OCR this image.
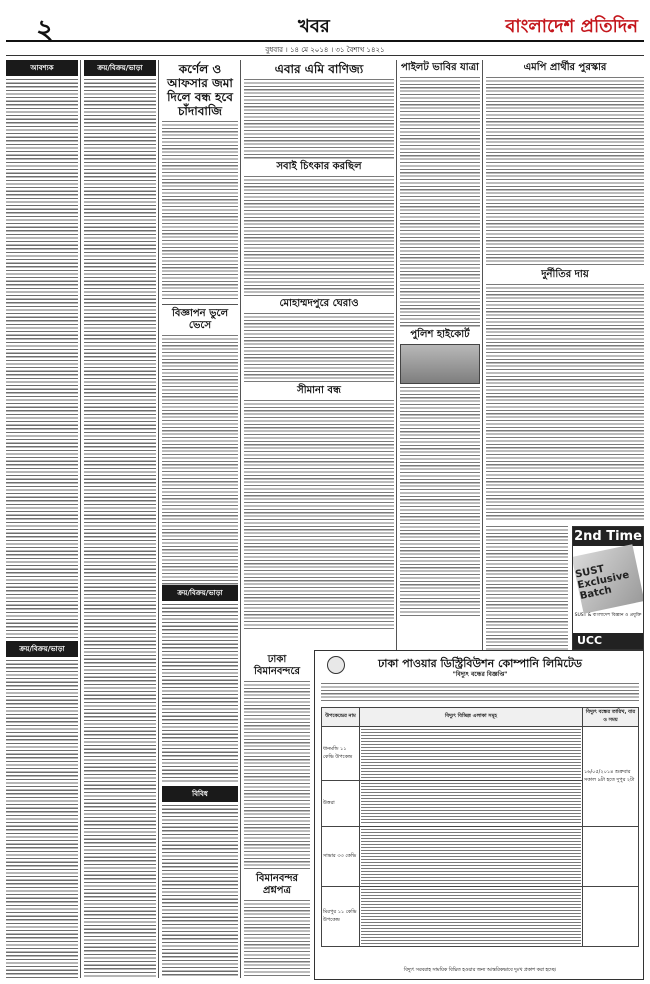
২	খবর	বাংলাদেশ প্রতিদিন
বুধবার । ১৪ মে ২০১৪ । ৩১ বৈশাখ ১৪২১
আবশ্যক
ক্রয়/বিক্রয়/ভাড়া
ক্রয়/বিক্রয়/ভাড়া	কর্ণেল ও আফসার জমা দিলে বন্ধ হবে চাঁদাবাজি
বিজ্ঞাপন ভুলে ভেসে
ক্রয়/বিক্রয়/ভাড়া
বিবিধ
এবার এমি বাণিজ্য
সবাই চিৎকার করছিল
মোহাম্মদপুরে ঘেরাও
সীমানা বন্ধ
ঢাকা বিমানবন্দরে
বিমানবন্দর প্রশ্নপত্র
পাইলট ভাবির যাত্রা
পুলিশ হাইকোর্ট
এমপি প্রার্থীর পুরস্কার
দুর্নীতির দায়
2nd Time
SUST Exclusive Batch
SUST & বাংলাদেশ বিজ্ঞান ও প্রযুক্তি
UCC
ঢাকা পাওয়ার ডিস্ট্রিবিউশন কোম্পানি লিমিটেড
"বিদ্যুৎ বন্ধের বিজ্ঞপ্তি"
উপকেন্দ্রের নাম	বিদ্যুৎ বিচ্ছিন্ন এলাকা সমূহ	বিদ্যুৎ বন্ধের তারিখ, বার ও সময়
ধানমন্ডি ১১ কেভি উপকেন্দ্র		১৬/০৫/২০১৪ শুক্রবার সকাল ৯টা হতে দুপুর ২টা
উত্তরা		

সাভার ৩৩ কেভি	

মিরপুর ১১ কেভি উপকেন্দ্র	

বিদ্যুৎ সরবরাহ সাময়িক বিঘ্নিত হওয়ার জন্য আন্তরিকভাবে দুঃখ প্রকাশ করা হচ্ছে।
